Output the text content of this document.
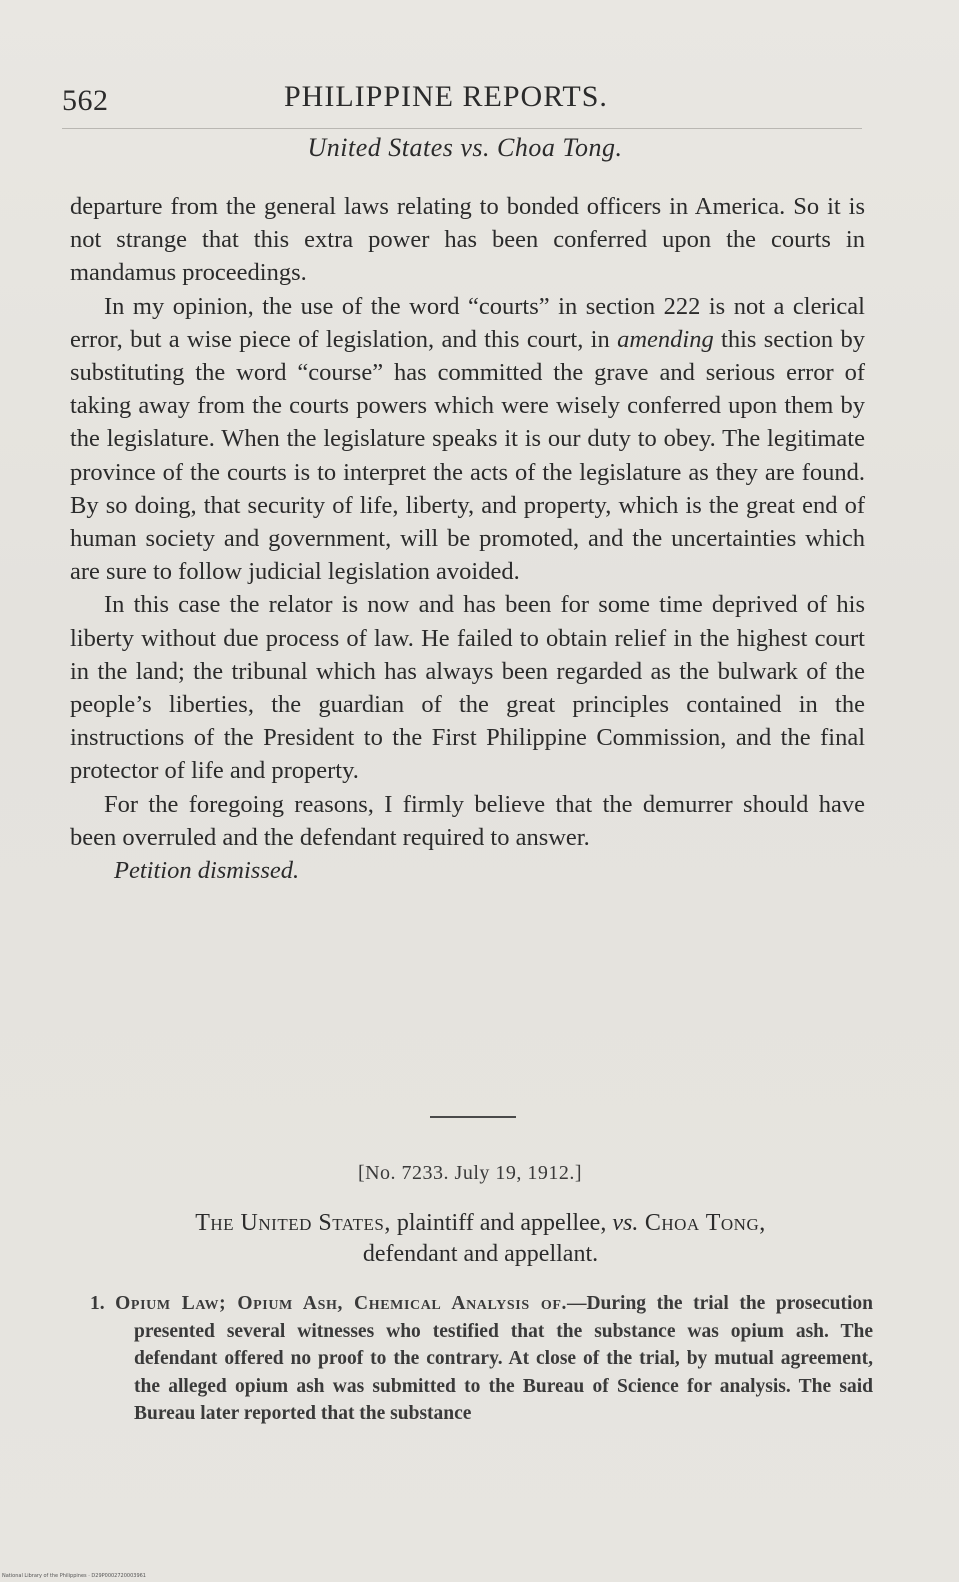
562	PHILIPPINE REPORTS.
United States vs. Choa Tong.

departure from the general laws relating to bonded officers in America. So it is not strange that this extra power has been conferred upon the courts in mandamus proceedings.

In my opinion, the use of the word “courts” in section 222 is not a clerical error, but a wise piece of legislation, and this court, in amending this section by substituting the word “course” has committed the grave and serious error of taking away from the courts powers which were wisely conferred upon them by the legislature. When the legislature speaks it is our duty to obey. The legitimate province of the courts is to interpret the acts of the legislature as they are found. By so doing, that security of life, liberty, and property, which is the great end of human society and government, will be promoted, and the uncertainties which are sure to follow judicial legislation avoided.

In this case the relator is now and has been for some time deprived of his liberty without due process of law. He failed to obtain relief in the highest court in the land; the tribunal which has always been regarded as the bulwark of the people’s liberties, the guardian of the great principles contained in the instructions of the President to the First Philippine Commission, and the final protector of life and property.

For the foregoing reasons, I firmly believe that the demurrer should have been overruled and the defendant required to answer.

Petition dismissed.

[No. 7233. July 19, 1912.]
The United States, plaintiff and appellee, vs. Choa Tong,
defendant and appellant.

1. Opium Law; Opium Ash, Chemical Analysis of.—During the trial the prosecution presented several witnesses who testified that the substance was opium ash. The defendant offered no proof to the contrary. At close of the trial, by mutual agreement, the alleged opium ash was submitted to the Bureau of Science for analysis. The said Bureau later reported that the substance

National Library of the Philippines · D29P0002720003961
